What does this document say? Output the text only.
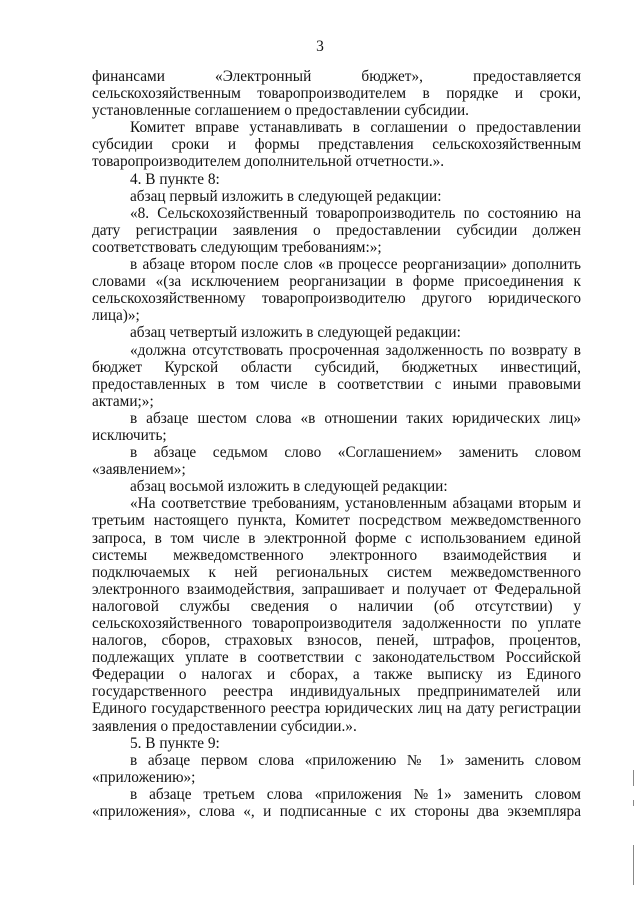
3
финансами «Электронный бюджет», предоставляется
сельскохозяйственным товаропроизводителем в порядке и сроки,
установленные соглашением о предоставлении субсидии.
Комитет вправе устанавливать в соглашении о предоставлении
субсидии сроки и формы представления сельскохозяйственным
товаропроизводителем дополнительной отчетности.».
4. В пункте 8:
абзац первый изложить в следующей редакции:
«8. Сельскохозяйственный товаропроизводитель по состоянию на
дату регистрации заявления о предоставлении субсидии должен
соответствовать следующим требованиям:»;
в абзаце втором после слов «в процессе реорганизации» дополнить
словами «(за исключением реорганизации в форме присоединения к
сельскохозяйственному товаропроизводителю другого юридического
лица)»;
абзац четвертый изложить в следующей редакции:
«должна отсутствовать просроченная задолженность по возврату в
бюджет Курской области субсидий, бюджетных инвестиций,
предоставленных в том числе в соответствии с иными правовыми
актами;»;
в абзаце шестом слова «в отношении таких юридических лиц»
исключить;
в абзаце седьмом слово «Соглашением» заменить словом
«заявлением»;
абзац восьмой изложить в следующей редакции:
«На соответствие требованиям, установленным абзацами вторым и
третьим настоящего пункта, Комитет посредством межведомственного
запроса, в том числе в электронной форме с использованием единой
системы межведомственного электронного взаимодействия и
подключаемых к ней региональных систем межведомственного
электронного взаимодействия, запрашивает и получает от Федеральной
налоговой службы сведения о наличии (об отсутствии) у
сельскохозяйственного товаропроизводителя задолженности по уплате
налогов, сборов, страховых взносов, пеней, штрафов, процентов,
подлежащих уплате в соответствии с законодательством Российской
Федерации о налогах и сборах, а также выписку из Единого
государственного реестра индивидуальных предпринимателей или
Единого государственного реестра юридических лиц на дату регистрации
заявления о предоставлении субсидии.».
5. В пункте 9:
в абзаце первом слова «приложению № 1» заменить словом
«приложению»;
в абзаце третьем слова «приложения №1» заменить словом
«приложения», слова «, и подписанные с их стороны два экземпляра
